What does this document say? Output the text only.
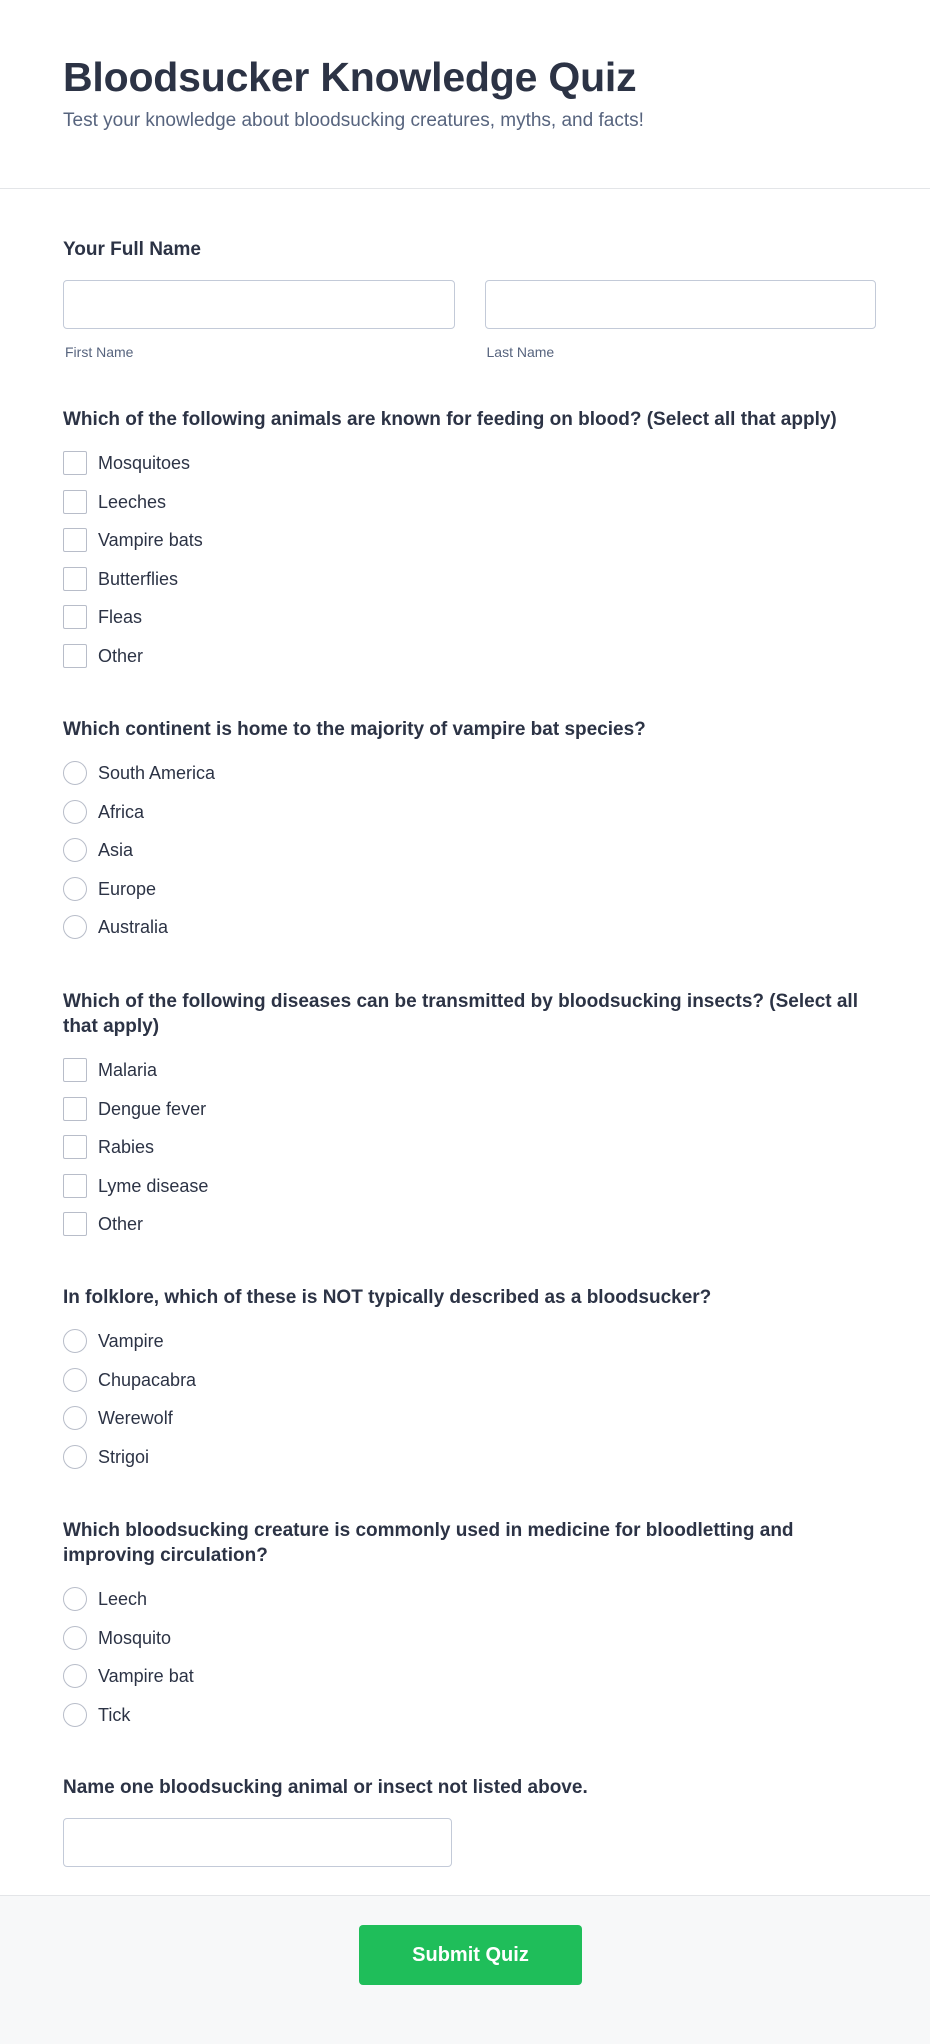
Bloodsucker Knowledge Quiz

Test your knowledge about bloodsucking creatures, myths, and facts!

Your Full Name
First Name	Last Name
Which of the following animals are known for feeding on blood? (Select all that apply)
Mosquitoes
Leeches
Vampire bats
Butterflies
Fleas
Other
Which continent is home to the majority of vampire bat species?
South America
Africa
Asia
Europe
Australia
Which of the following diseases can be transmitted by bloodsucking insects? (Select all that apply)
Malaria
Dengue fever
Rabies
Lyme disease
Other
In folklore, which of these is NOT typically described as a bloodsucker?
Vampire
Chupacabra
Werewolf
Strigoi
Which bloodsucking creature is commonly used in medicine for bloodletting and improving circulation?
Leech
Mosquito
Vampire bat
Tick
Name one bloodsucking animal or insect not listed above.
Submit Quiz
